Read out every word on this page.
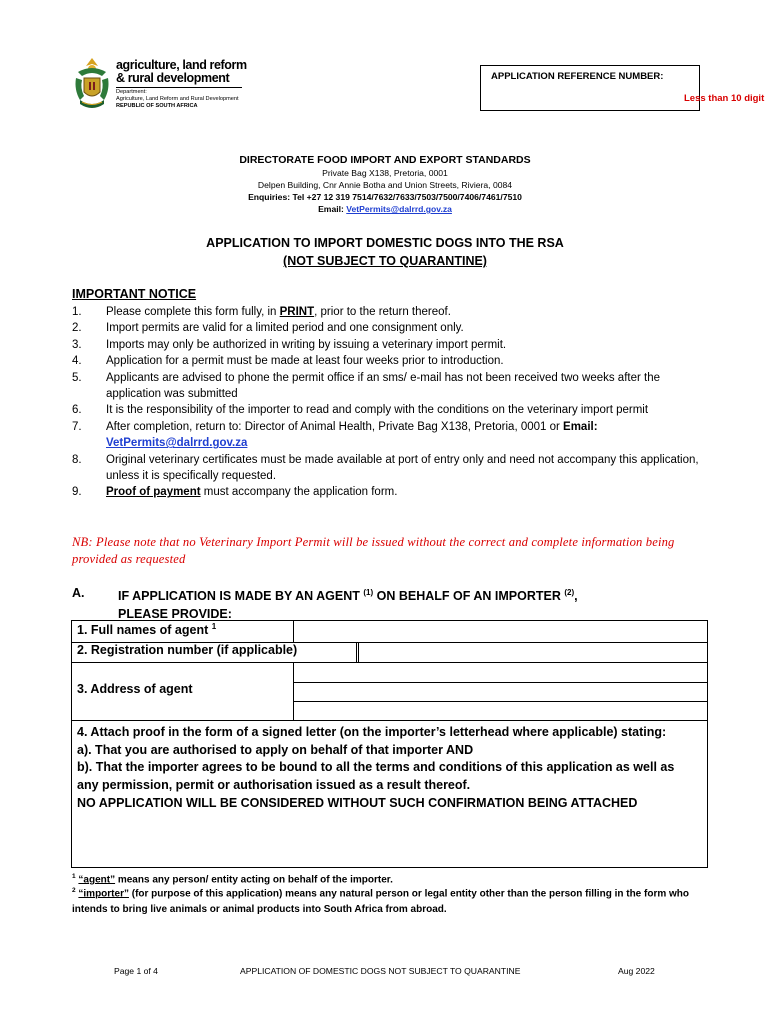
agriculture, land reform
& rural development
Department:
Agriculture, Land Reform and Rural Development
REPUBLIC OF SOUTH AFRICA
APPLICATION REFERENCE NUMBER:
Less than 10 digit
DIRECTORATE FOOD IMPORT AND EXPORT STANDARDS
Private Bag X138, Pretoria, 0001
Delpen Building, Cnr Annie Botha and Union Streets, Riviera, 0084
Enquiries: Tel +27 12 319 7514/7632/7633/7503/7500/7406/7461/7510
Email: VetPermits@dalrrd.gov.za
APPLICATION TO IMPORT DOMESTIC DOGS INTO THE RSA
(NOT SUBJECT TO QUARANTINE)
IMPORTANT NOTICE
1.	Please complete this form fully, in PRINT, prior to the return thereof.
2.	Import permits are valid for a limited period and one consignment only.
3.	Imports may only be authorized in writing by issuing a veterinary import permit.
4.	Application for a permit must be made at least four weeks prior to introduction.
5.	Applicants are advised to phone the permit office if an sms/ e-mail has not been received two weeks after the application was submitted
6.	It is the responsibility of the importer to read and comply with the conditions on the veterinary import permit
7.	After completion, return to: Director of Animal Health, Private Bag X138, Pretoria, 0001 or Email: VetPermits@dalrrd.gov.za
8.	Original veterinary certificates must be made available at port of entry only and need not accompany this application, unless it is specifically requested.
9.	Proof of payment must accompany the application form.
NB: Please note that no Veterinary Import Permit will be issued without the correct and complete information being provided as requested
A.	IF APPLICATION IS MADE BY AN AGENT $^{(1)}$ ON BEHALF OF AN IMPORTER $^{(2)}$,
PLEASE PROVIDE:
1. Full names of agent $^1$
2. Registration number (if applicable)
3. Address of agent
4. Attach proof in the form of a signed letter (on the importer’s letterhead where applicable) stating:
a). That you are authorised to apply on behalf of that importer AND
b). That the importer agrees to be bound to all the terms and conditions of this application as well as
any permission, permit or authorisation issued as a result thereof.
NO APPLICATION WILL BE CONSIDERED WITHOUT SUCH CONFIRMATION BEING ATTACHED
$^1$ “agent” means any person/ entity acting on behalf of the importer.
$^2$ “importer” (for purpose of this application) means any natural person or legal entity other than the person filling in the form who intends to bring live animals or animal products into South Africa from abroad.
Page 1 of 4	APPLICATION OF DOMESTIC DOGS NOT SUBJECT TO QUARANTINE	Aug 2022
